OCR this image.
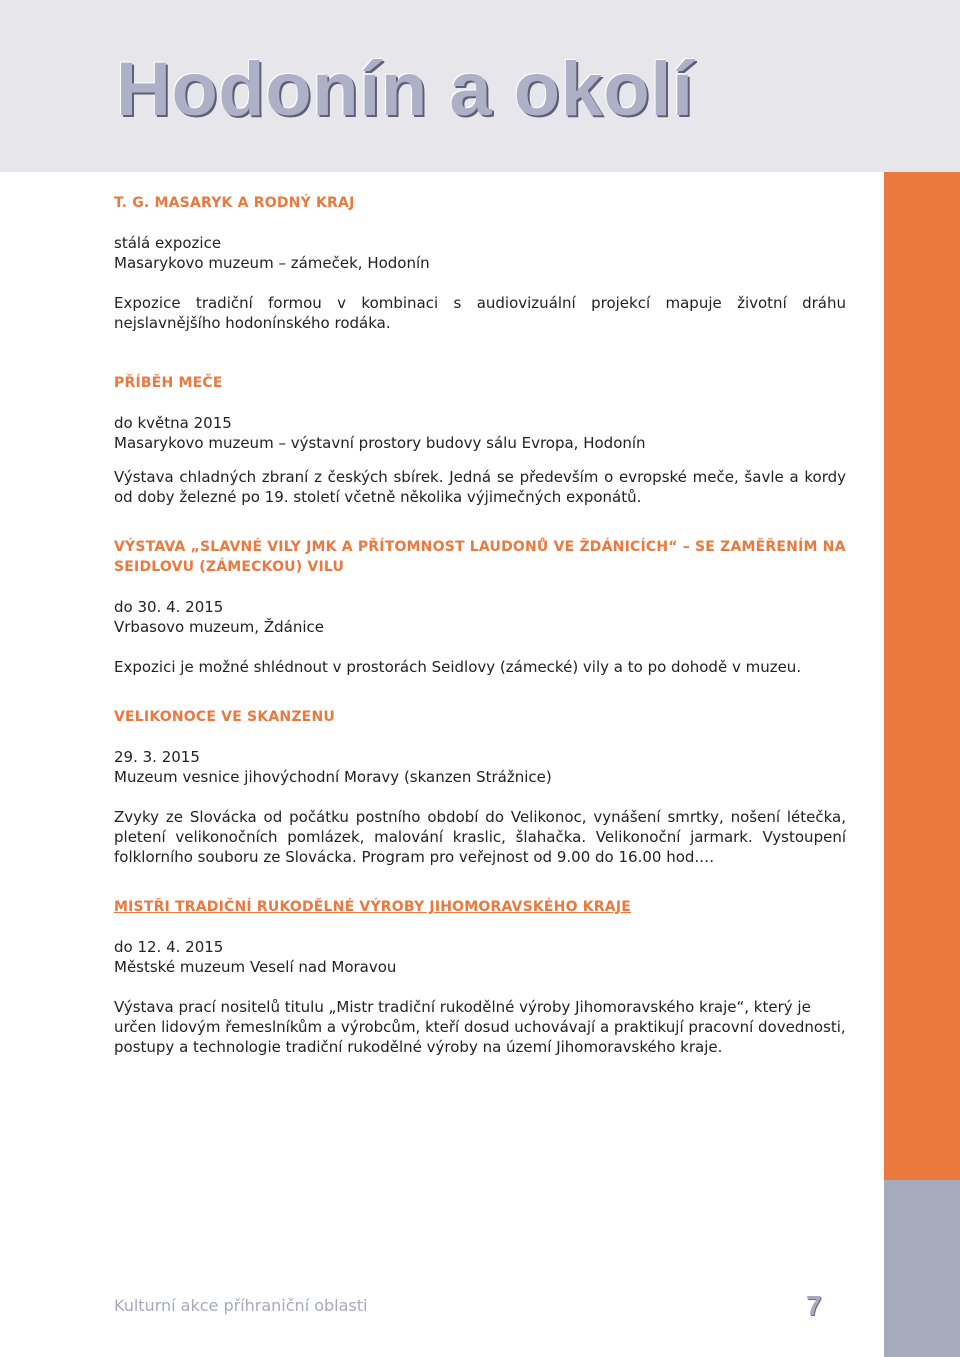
Hodonín a okolí
T. G. MASARYK A RODNÝ KRAJ
stálá expozice
Masarykovo muzeum – zámeček, Hodonín
Expozice tradiční formou v kombinaci s audiovizuální projekcí mapuje životní dráhu nejslavnějšího hodonínského rodáka.
PŘÍBĚH MEČE
do května 2015
Masarykovo muzeum – výstavní prostory budovy sálu Evropa, Hodonín
Výstava chladných zbraní z českých sbírek. Jedná se především o evropské meče, šavle a kordy od doby železné po 19. století včetně několika výjimečných exponátů.
VÝSTAVA „SLAVNÉ VILY JMK A PŘÍTOMNOST LAUDONŮ VE ŽDÁNICÍCH“ – SE ZAMĚŘENÍM NA SEIDLOVU (ZÁMECKOU) VILU
do 30. 4. 2015
Vrbasovo muzeum, Ždánice
Expozici je možné shlédnout v prostorách Seidlovy (zámecké) vily a to po dohodě v muzeu.
VELIKONOCE VE SKANZENU
29. 3. 2015
Muzeum vesnice jihovýchodní Moravy (skanzen Strážnice)
Zvyky ze Slovácka od počátku postního období do Velikonoc, vynášení smrtky, nošení létečka, pletení velikonočních pomlázek, malování kraslic, šlahačka. Velikonoční jarmark. Vystoupení folklorního souboru ze Slovácka. Program pro veřejnost od 9.00 do 16.00 hod.…
MISTŘI TRADIČNÍ RUKODĚLNÉ VÝROBY JIHOMORAVSKÉHO KRAJE
do 12. 4. 2015
Městské muzeum Veselí nad Moravou
Výstava prací nositelů titulu „Mistr tradiční rukodělné výroby Jihomoravského kraje“, který je určen lidovým řemeslníkům a výrobcům, kteří dosud uchovávají a praktikují pracovní dovednosti, postupy a technologie tradiční rukodělné výroby na území Jihomoravského kraje.
Kulturní akce příhraniční oblasti	7
